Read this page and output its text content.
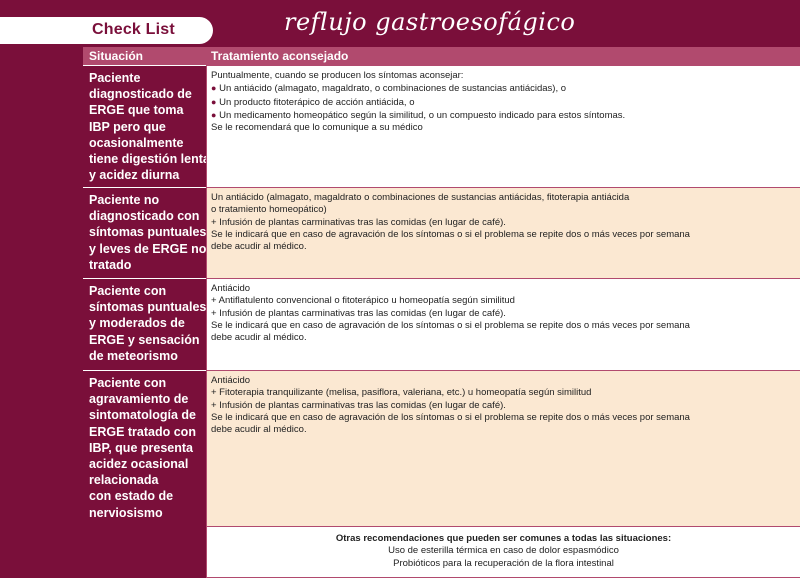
Check List	reflujo gastroesofágico
Situación	Tratamiento aconsejado
Paciente
diagnosticado de
ERGE que toma
IBP pero que
ocasionalmente
tiene digestión lenta
y acidez diurna
Puntualmente, cuando se producen los síntomas aconsejar:
● Un antiácido (almagato, magaldrato, o combinaciones de sustancias antiácidas), o
● Un producto fitoterápico de acción antiácida, o
● Un medicamento homeopático según la similitud, o un compuesto indicado para estos síntomas.
Se le recomendará que lo comunique a su médico
Paciente no
diagnosticado con
síntomas puntuales
y leves de ERGE no
tratado
Un antiácido (almagato, magaldrato o combinaciones de sustancias antiácidas, fitoterapia antiácida
o tratamiento homeopático)
+ Infusión de plantas carminativas tras las comidas (en lugar de café).
Se le indicará que en caso de agravación de los síntomas o si el problema se repite dos o más veces por semana
debe acudir al médico.
Paciente con
síntomas puntuales
y moderados de
ERGE y sensación
de meteorismo
Antiácido
+ Antiflatulento convencional o fitoterápico u homeopatía según similitud
+ Infusión de plantas carminativas tras las comidas (en lugar de café).
Se le indicará que en caso de agravación de los síntomas o si el problema se repite dos o más veces por semana
debe acudir al médico.
Paciente con
agravamiento de
sintomatología de
ERGE tratado con
IBP, que presenta
acidez ocasional
relacionada
con estado de
nerviosismo
Antiácido
+ Fitoterapia tranquilizante (melisa, pasiflora, valeriana, etc.) u homeopatía según similitud
+ Infusión de plantas carminativas tras las comidas (en lugar de café).
Se le indicará que en caso de agravación de los síntomas o si el problema se repite dos o más veces por semana
debe acudir al médico.
Otras recomendaciones que pueden ser comunes a todas las situaciones:
Uso de esterilla térmica en caso de dolor espasmódico
Probióticos para la recuperación de la flora intestinal
